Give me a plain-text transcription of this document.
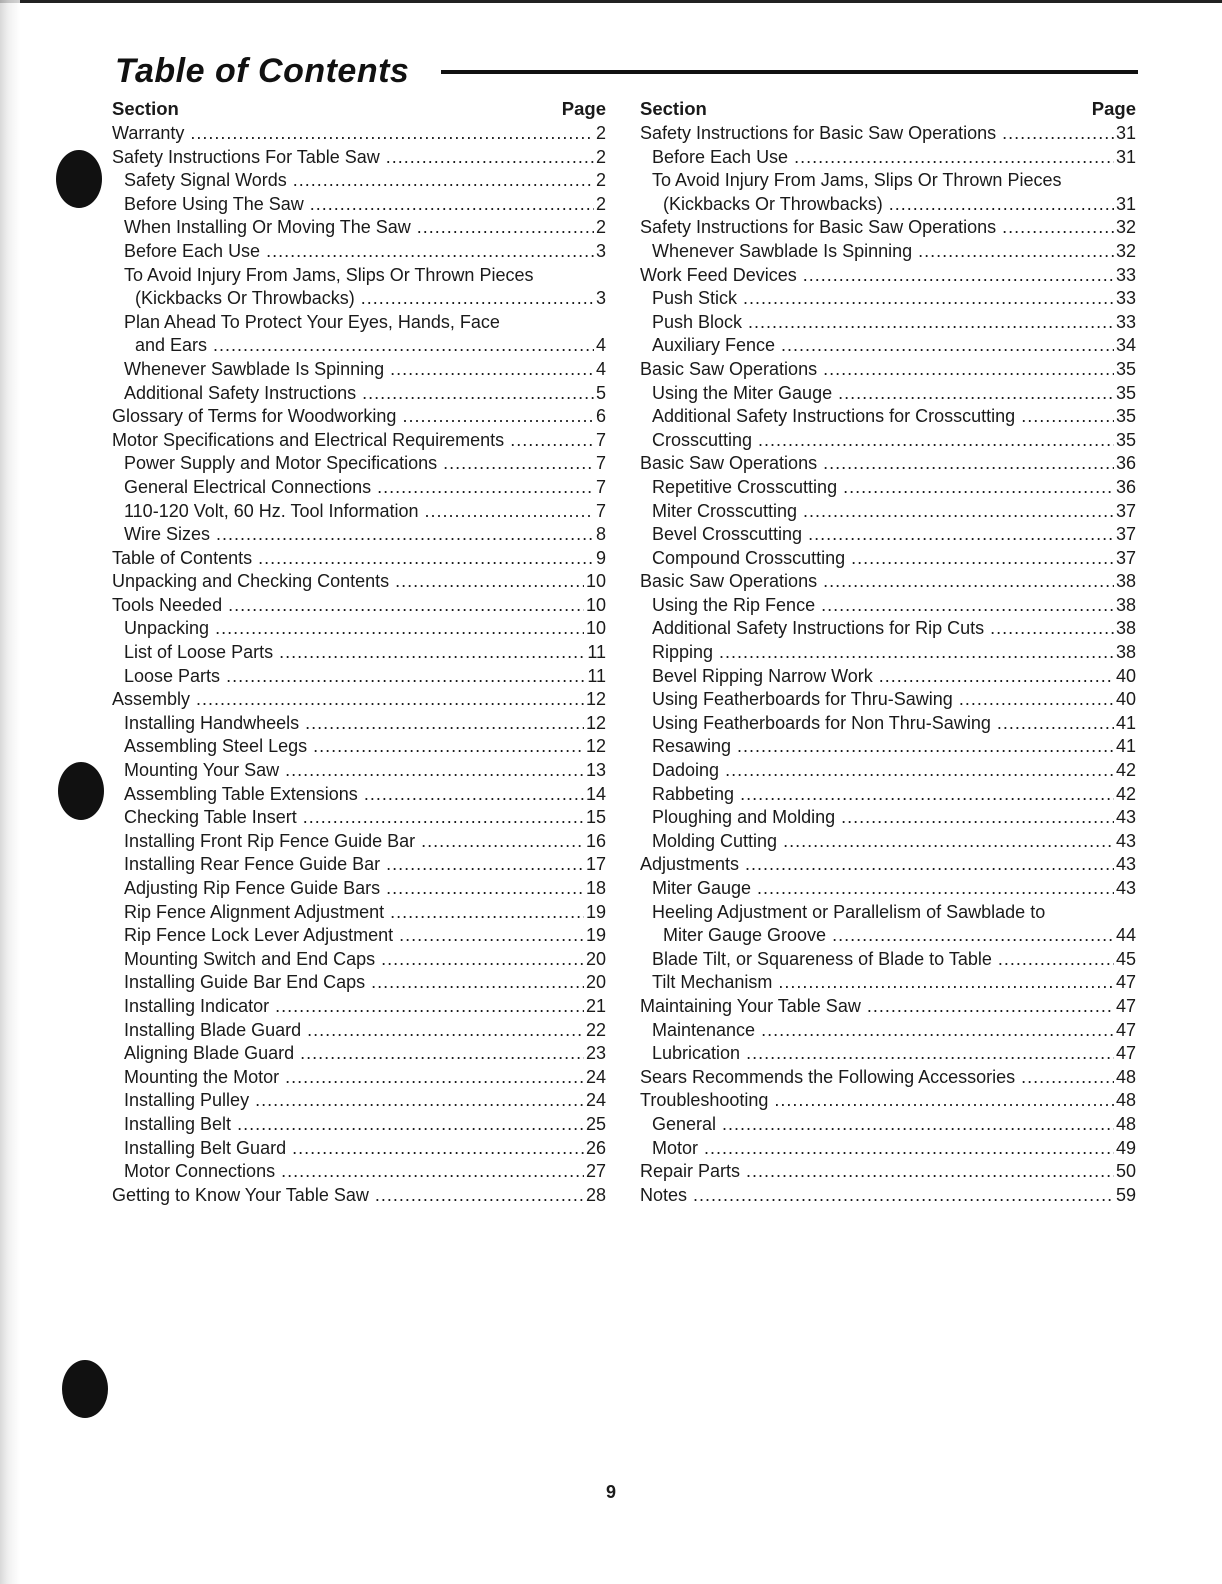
Table of Contents
Section	Page
Warranty .....	2
Safety Instructions For Table Saw .....	2
Safety Signal Words .....	2
Before Using The Saw .....	2
When Installing Or Moving The Saw .....	2
Before Each Use .....	3
To Avoid Injury From Jams, Slips Or Thrown Pieces
(Kickbacks Or Throwbacks) .....	3
Plan Ahead To Protect Your Eyes, Hands, Face
and Ears .....	4
Whenever Sawblade Is Spinning .....	4
Additional Safety Instructions .....	5
Glossary of Terms for Woodworking .....	6
Motor Specifications and Electrical Requirements .....	7
Power Supply and Motor Specifications .....	7
General Electrical Connections .....	7
110-120 Volt, 60 Hz. Tool Information .....	7
Wire Sizes .....	8
Table of Contents .....	9
Unpacking and Checking Contents .....	10
Tools Needed .....	10
Unpacking .....	10
List of Loose Parts .....	11
Loose Parts .....	11
Assembly .....	12
Installing Handwheels .....	12
Assembling Steel Legs .....	12
Mounting Your Saw .....	13
Assembling Table Extensions .....	14
Checking Table Insert .....	15
Installing Front Rip Fence Guide Bar .....	16
Installing Rear Fence Guide Bar .....	17
Adjusting Rip Fence Guide Bars .....	18
Rip Fence Alignment Adjustment .....	19
Rip Fence Lock Lever Adjustment .....	19
Mounting Switch and End Caps .....	20
Installing Guide Bar End Caps .....	20
Installing Indicator .....	21
Installing Blade Guard .....	22
Aligning Blade Guard .....	23
Mounting the Motor .....	24
Installing Pulley .....	24
Installing Belt .....	25
Installing Belt Guard .....	26
Motor Connections .....	27
Getting to Know Your Table Saw .....	28
Section	Page
Safety Instructions for Basic Saw Operations .....	31
Before Each Use .....	31
To Avoid Injury From Jams, Slips Or Thrown Pieces
(Kickbacks Or Throwbacks) .....	31
Safety Instructions for Basic Saw Operations .....	32
Whenever Sawblade Is Spinning .....	32
Work Feed Devices .....	33
Push Stick .....	33
Push Block .....	33
Auxiliary Fence .....	34
Basic Saw Operations .....	35
Using the Miter Gauge .....	35
Additional Safety Instructions for Crosscutting .....	35
Crosscutting .....	35
Basic Saw Operations .....	36
Repetitive Crosscutting .....	36
Miter Crosscutting .....	37
Bevel Crosscutting .....	37
Compound Crosscutting .....	37
Basic Saw Operations .....	38
Using the Rip Fence .....	38
Additional Safety Instructions for Rip Cuts .....	38
Ripping .....	38
Bevel Ripping Narrow Work .....	40
Using Featherboards for Thru-Sawing .....	40
Using Featherboards for Non Thru-Sawing .....	41
Resawing .....	41
Dadoing .....	42
Rabbeting .....	42
Ploughing and Molding .....	43
Molding Cutting .....	43
Adjustments .....	43
Miter Gauge .....	43
Heeling Adjustment or Parallelism of Sawblade to
Miter Gauge Groove .....	44
Blade Tilt, or Squareness of Blade to Table .....	45
Tilt Mechanism .....	47
Maintaining Your Table Saw .....	47
Maintenance .....	47
Lubrication .....	47
Sears Recommends the Following Accessories .....	48
Troubleshooting .....	48
General .....	48
Motor .....	49
Repair Parts .....	50
Notes .....	59
9
